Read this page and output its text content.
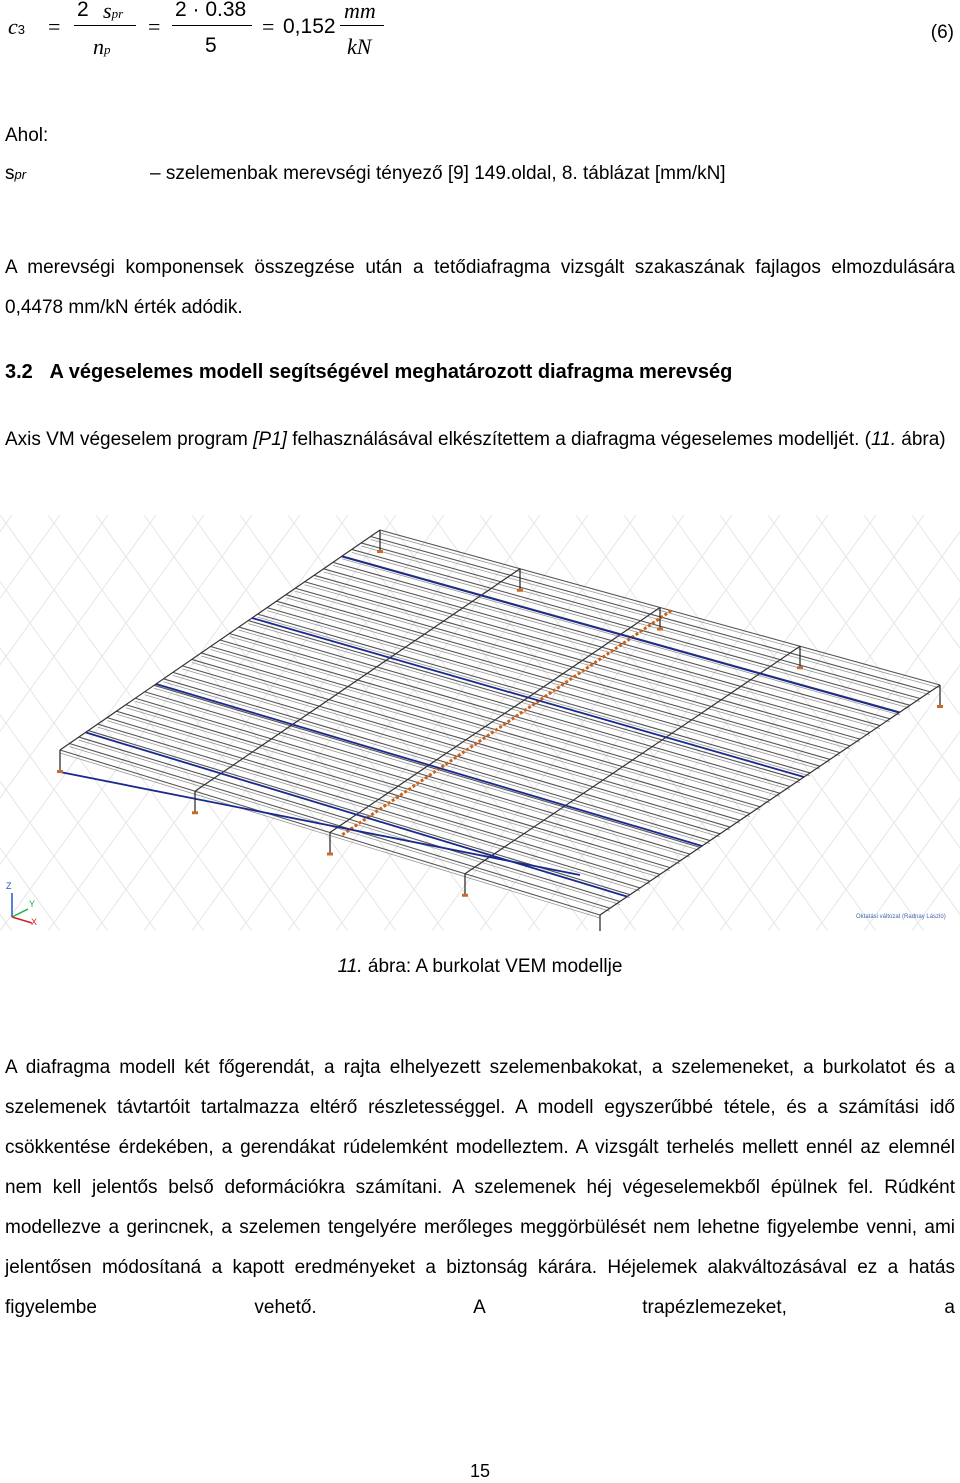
c3 =
2 spr
np
=
2 · 0.38
5
= 0,152
mm
kN
(6)
Ahol:
spr	– szelemenbak merevségi tényező [9] 149.oldal, 8. táblázat [mm/kN]
A merevségi komponensek összegzése után a tetődiafragma vizsgált szakaszának fajlagos elmozdulására 0,4478 mm/kN érték adódik.
3.2 A végeselemes modell segítségével meghatározott diafragma merevség
Axis VM végeselem program [P1] felhasználásával elkészítettem a diafragma végeselemes modelljét. (11. ábra)
Z
Y
X	Oktatási változat (Radnay László)
11. ábra: A burkolat VEM modellje
A diafragma modell két főgerendát, a rajta elhelyezett szelemenbakokat, a szelemeneket, a burkolatot és a szelemenek távtartóit tartalmazza eltérő részletességgel. A modell egyszerűbbé tétele, és a számítási idő csökkentése érdekében, a gerendákat rúdelemként modelleztem. A vizsgált terhelés mellett ennél az elemnél nem kell jelentős belső deformációkra számítani. A szelemenek héj végeselemekből épülnek fel. Rúdként modellezve a gerincnek, a szelemen tengelyére merőleges meggörbülését nem lehetne figyelembe venni, ami jelentősen módosítaná a kapott eredményeket a biztonság kárára. Héjelemek alakváltozásával ez a hatás figyelembe vehető. A trapézlemezeket, a
15
